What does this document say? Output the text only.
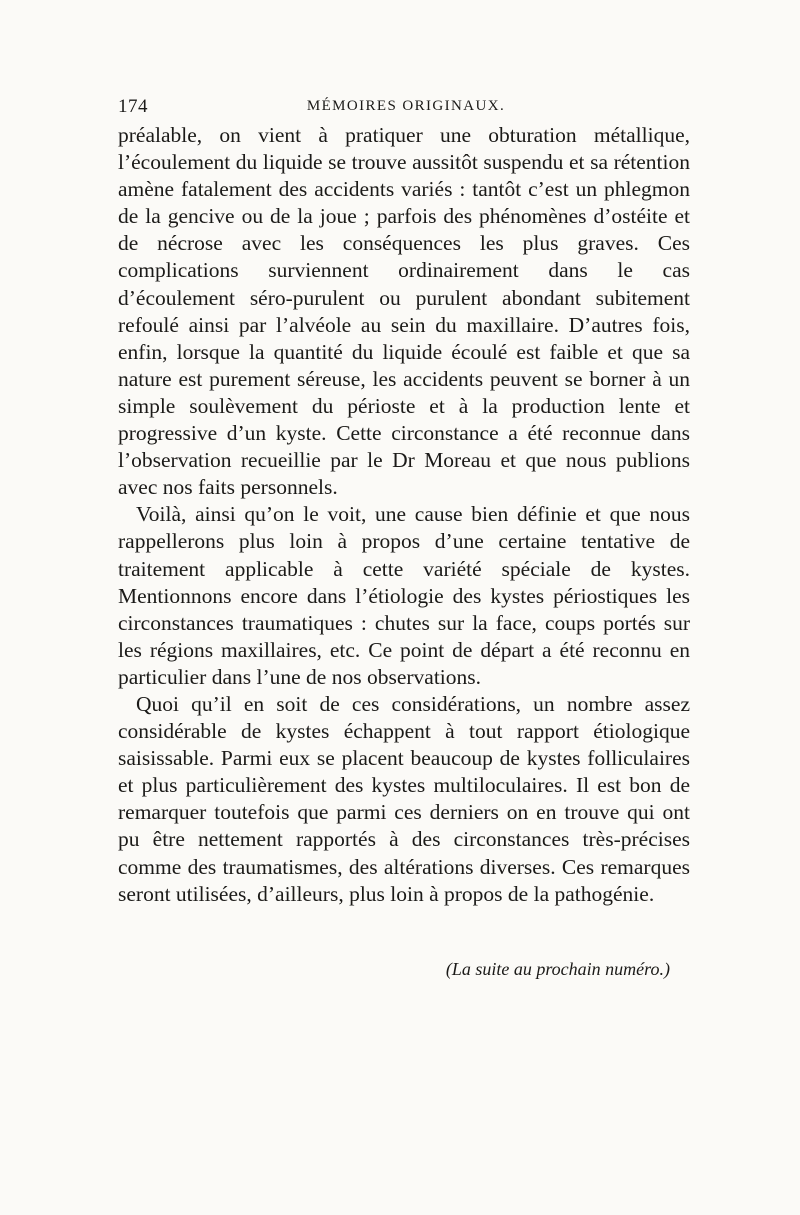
174	MÉMOIRES ORIGINAUX.

préalable, on vient à pratiquer une obturation métallique, l’écoulement du liquide se trouve aussitôt suspendu et sa rétention amène fatalement des accidents variés : tantôt c’est un phlegmon de la gencive ou de la joue ; parfois des phénomènes d’ostéite et de nécrose avec les conséquences les plus graves. Ces complications surviennent ordinairement dans le cas d’écoulement séro-purulent ou purulent abondant subitement refoulé ainsi par l’alvéole au sein du maxillaire. D’autres fois, enfin, lorsque la quantité du liquide écoulé est faible et que sa nature est purement séreuse, les accidents peuvent se borner à un simple soulèvement du périoste et à la production lente et progressive d’un kyste. Cette circonstance a été reconnue dans l’observation recueillie par le Dr Moreau et que nous publions avec nos faits personnels.

Voilà, ainsi qu’on le voit, une cause bien définie et que nous rappellerons plus loin à propos d’une certaine tentative de traitement applicable à cette variété spéciale de kystes. Mentionnons encore dans l’étiologie des kystes périostiques les circonstances traumatiques : chutes sur la face, coups portés sur les régions maxillaires, etc. Ce point de départ a été reconnu en particulier dans l’une de nos observations.

Quoi qu’il en soit de ces considérations, un nombre assez considérable de kystes échappent à tout rapport étiologique saisissable. Parmi eux se placent beaucoup de kystes folliculaires et plus particulièrement des kystes multiloculaires. Il est bon de remarquer toutefois que parmi ces derniers on en trouve qui ont pu être nettement rapportés à des circonstances très-précises comme des traumatismes, des altérations diverses. Ces remarques seront utilisées, d’ailleurs, plus loin à propos de la pathogénie.

(La suite au prochain numéro.)
